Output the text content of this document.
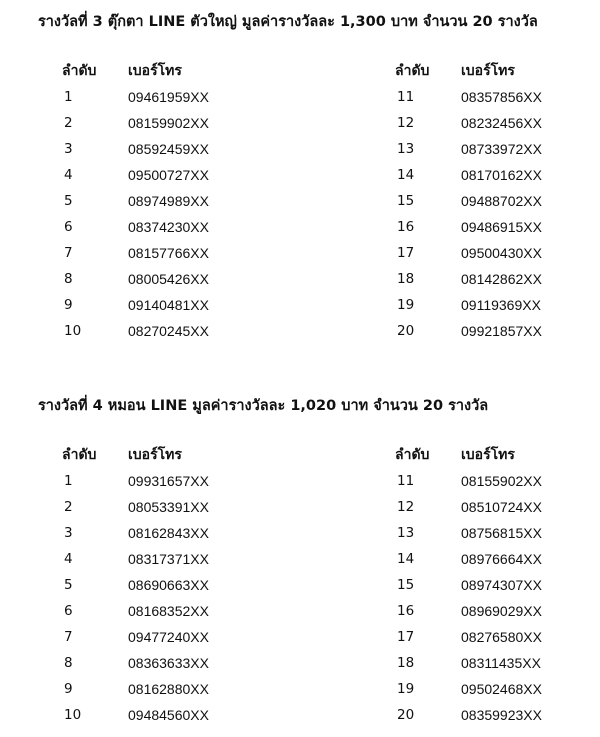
รางวัลที่ 3 ตุ๊กตา LINE ตัวใหญ่ มูลค่ารางวัลละ 1,300 บาท จำนวน 20 รางวัล
ลำดับ เบอร์โทร
1	09461959XX
2	08159902XX
3	08592459XX
4	09500727XX
5	08974989XX
6	08374230XX
7	08157766XX
8	08005426XX
9	09140481XX
10	08270245XX
ลำดับ เบอร์โทร
11	08357856XX
12	08232456XX
13	08733972XX
14	08170162XX
15	09488702XX
16	09486915XX
17	09500430XX
18	08142862XX
19	09119369XX
20	09921857XX
รางวัลที่ 4 หมอน LINE มูลค่ารางวัลละ 1,020 บาท จำนวน 20 รางวัล
ลำดับ เบอร์โทร
1	09931657XX
2	08053391XX
3	08162843XX
4	08317371XX
5	08690663XX
6	08168352XX
7	09477240XX
8	08363633XX
9	08162880XX
10	09484560XX
ลำดับ เบอร์โทร
11	08155902XX
12	08510724XX
13	08756815XX
14	08976664XX
15	08974307XX
16	08969029XX
17	08276580XX
18	08311435XX
19	09502468XX
20	08359923XX
